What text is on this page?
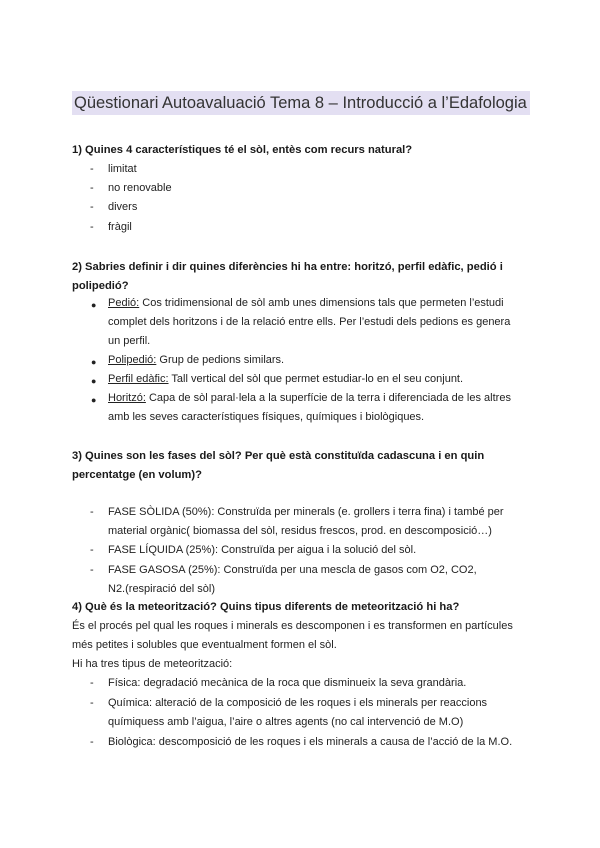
Qüestionari Autoavaluació Tema 8 – Introducció a l’Edafologia
1) Quines 4 característiques té el sòl, entès com recurs natural?
- limitat
- no renovable
- divers
- fràgil
2) Sabries definir i dir quines diferències hi ha entre: horitzó, perfil edàfic, pedió i
polipedió?
● Pedió: Cos tridimensional de sòl amb unes dimensions tals que permeten l’estudi
complet dels horitzons i de la relació entre ells. Per l’estudi dels pedions es genera
un perfil.
● Polipedió: Grup de pedions similars.
● Perfil edàfic: Tall vertical del sòl que permet estudiar-lo en el seu conjunt.
● Horitzó: Capa de sòl paral·lela a la superfície de la terra i diferenciada de les altres
amb les seves característiques físiques, químiques i biològiques.
3) Quines son les fases del sòl? Per què està constituïda cadascuna i en quin
percentatge (en volum)?
- FASE SÒLIDA (50%): Construïda per minerals (e. grollers i terra fina) i també per
material orgànic( biomassa del sòl, residus frescos, prod. en descomposició…)
- FASE LÍQUIDA (25%): Construïda per aigua i la solució del sòl.
- FASE GASOSA (25%): Construïda per una mescla de gasos com O2, CO2,
N2.(respiració del sòl)
4) Què és la meteorització? Quins tipus diferents de meteorització hi ha?
És el procés pel qual les roques i minerals es descomponen i es transformen en partícules
més petites i solubles que eventualment formen el sòl.
Hi ha tres tipus de meteorització:
- Física: degradació mecànica de la roca que disminueix la seva grandària.
- Química: alteració de la composició de les roques i els minerals per reaccions
químiquess amb l’aigua, l’aire o altres agents (no cal intervenció de M.O)
- Biològica: descomposició de les roques i els minerals a causa de l’acció de la M.O.
